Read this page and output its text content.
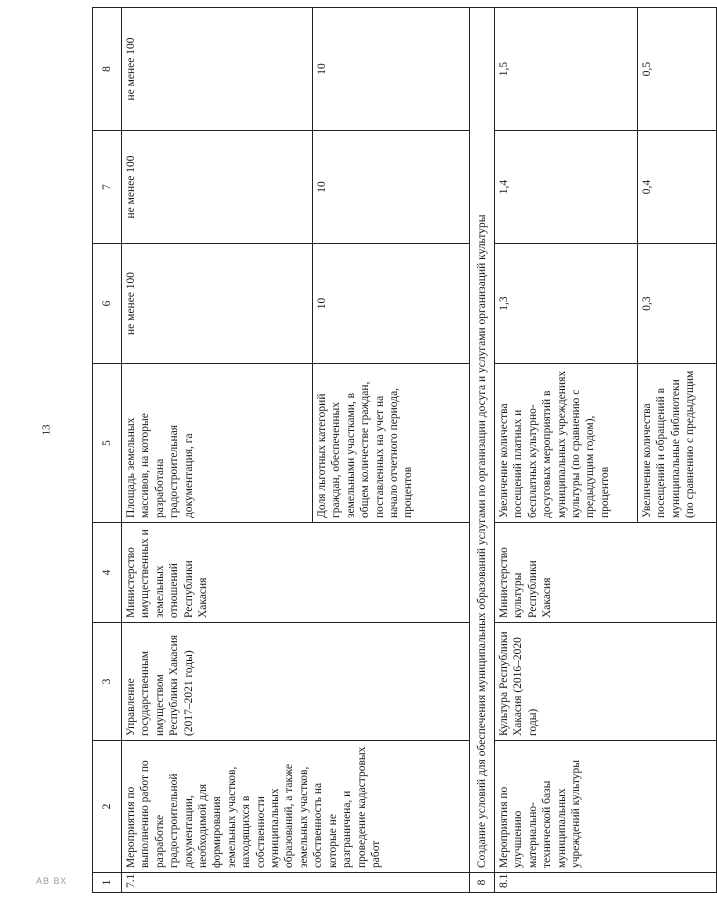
13
АВ ВХ	1	2	3	4	5	6	7	8
7.1	Мероприятия по выполнению работ по разработке градостроительной документации, необходимой для формирования земельных участков, находящихся в собственности муниципальных образований, а также земельных участков, собственность на которые не разграничена, и проведение кадастровых работ	Управление государственным имуществом Республики Хакасия (2017–2021 годы)	Министерство имущественных и земельных отношений Республики Хакасия	Площадь земельных массивов, на которые разработана градостроительная документация, га	не менее 100	не менее 100	не менее 100
				Доля льготных категорий граждан, обеспеченных земельными участками, в общем количестве граждан, поставленных на учет на начало отчетного периода, процентов	10	10	10
8	Создание условий для обеспечения муниципальных образований услугами по организации досуга и услугами организаций культуры						
8.1	Мероприятия по улучшению материально-технической базы муниципальных учреждений культуры	Культура Республики Хакасия (2016–2020 годы)	Министерство культуры Республики Хакасия	Увеличение количества посещений платных и бесплатных культурно-досуговых мероприятий в муниципальных учреждениях культуры (по сравнению с предыдущим годом), процентов	1,3	1,4	1,5
				Увеличение количества посещений и обращений в муниципальные библиотеки (по сравнению с предыдущим	0,3	0,4	0,5
